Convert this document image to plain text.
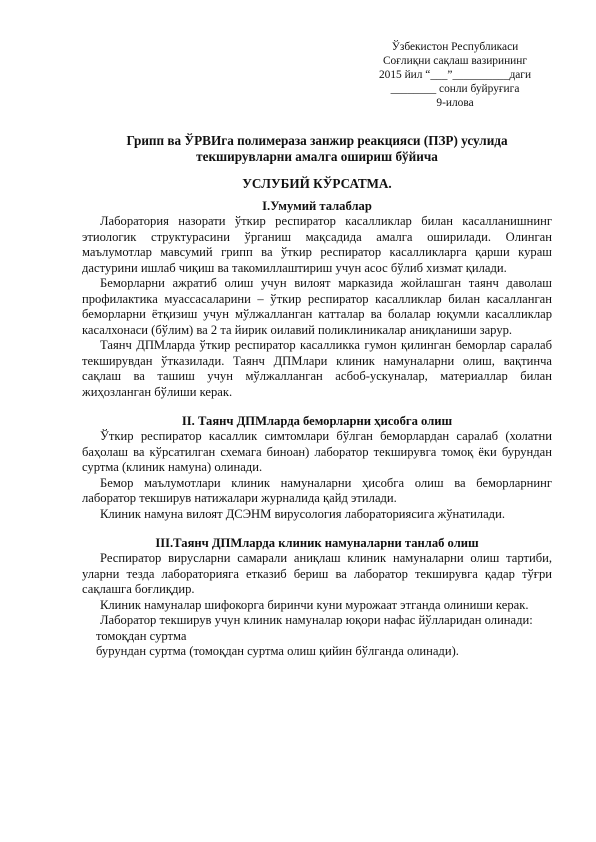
Ўзбекистон Республикаси
Соғлиқни сақлаш вазирининг
2015 йил “___”__________даги
________ сонли буйруғига
9-илова
Грипп ва ЎРВИга полимераза занжир реакцияси (ПЗР) усулида
текширувларни амалга ошириш бўйича
УСЛУБИЙ КЎРСАТМА.

I.Умумий талаблар

Лаборатория назорати ўткир респиратор касалликлар билан касалланишнинг этиологик структурасини ўрганиш мақсадида амалга оширилади. Олинган маълумотлар мавсумий грипп ва ўткир респиратор касалликларга қарши кураш дастурини ишлаб чиқиш ва такомиллаштириш учун асос бўлиб хизмат қилади.

Беморларни ажратиб олиш учун вилоят марказида жойлашган таянч даволаш профилактика муассасаларини – ўткир респиратор касалликлар билан касалланган беморларни ётқизиш учун мўлжалланган катталар ва болалар юқумли касалликлар касалхонаси (бўлим) ва 2 та йирик оилавий поликлиникалар аниқланиши зарур.

Таянч ДПМларда ўткир респиратор касалликка гумон қилинган беморлар саралаб текширувдан ўтказилади. Таянч ДПМлари клиник намуналарни олиш, вақтинча сақлаш ва ташиш учун мўлжалланган асбоб-ускуналар, материаллар билан жиҳозланган бўлиши керак.

II. Таянч ДПМларда беморларни ҳисобга олиш

Ўткир респиратор касаллик симтомлари бўлган беморлардан саралаб (холатни баҳолаш ва кўрсатилган схемага биноан) лаборатор текширувга томоқ ёки бурундан суртма (клиник намуна) олинади.

Бемор маълумотлари клиник намуналарни ҳисобга олиш ва беморларнинг лаборатор текширув натижалари журналида қайд этилади.

Клиник намуна вилоят ДСЭНМ вирусология лабораториясига жўнатилади.

III.Таянч ДПМларда клиник намуналарни танлаб олиш

Респиратор вирусларни самарали аниқлаш клиник намуналарни олиш тартиби, уларни тезда лабораторияга етказиб бериш ва лаборатор текширувга қадар тўғри сақлашга боғлиқдир.

Клиник намуналар шифокорга биринчи куни мурожаат этганда олиниши керак.

Лаборатор текширув учун клиник намуналар юқори нафас йўлларидан олинади:

томоқдан суртма

бурундан суртма (томоқдан суртма олиш қийин бўлганда олинади).
